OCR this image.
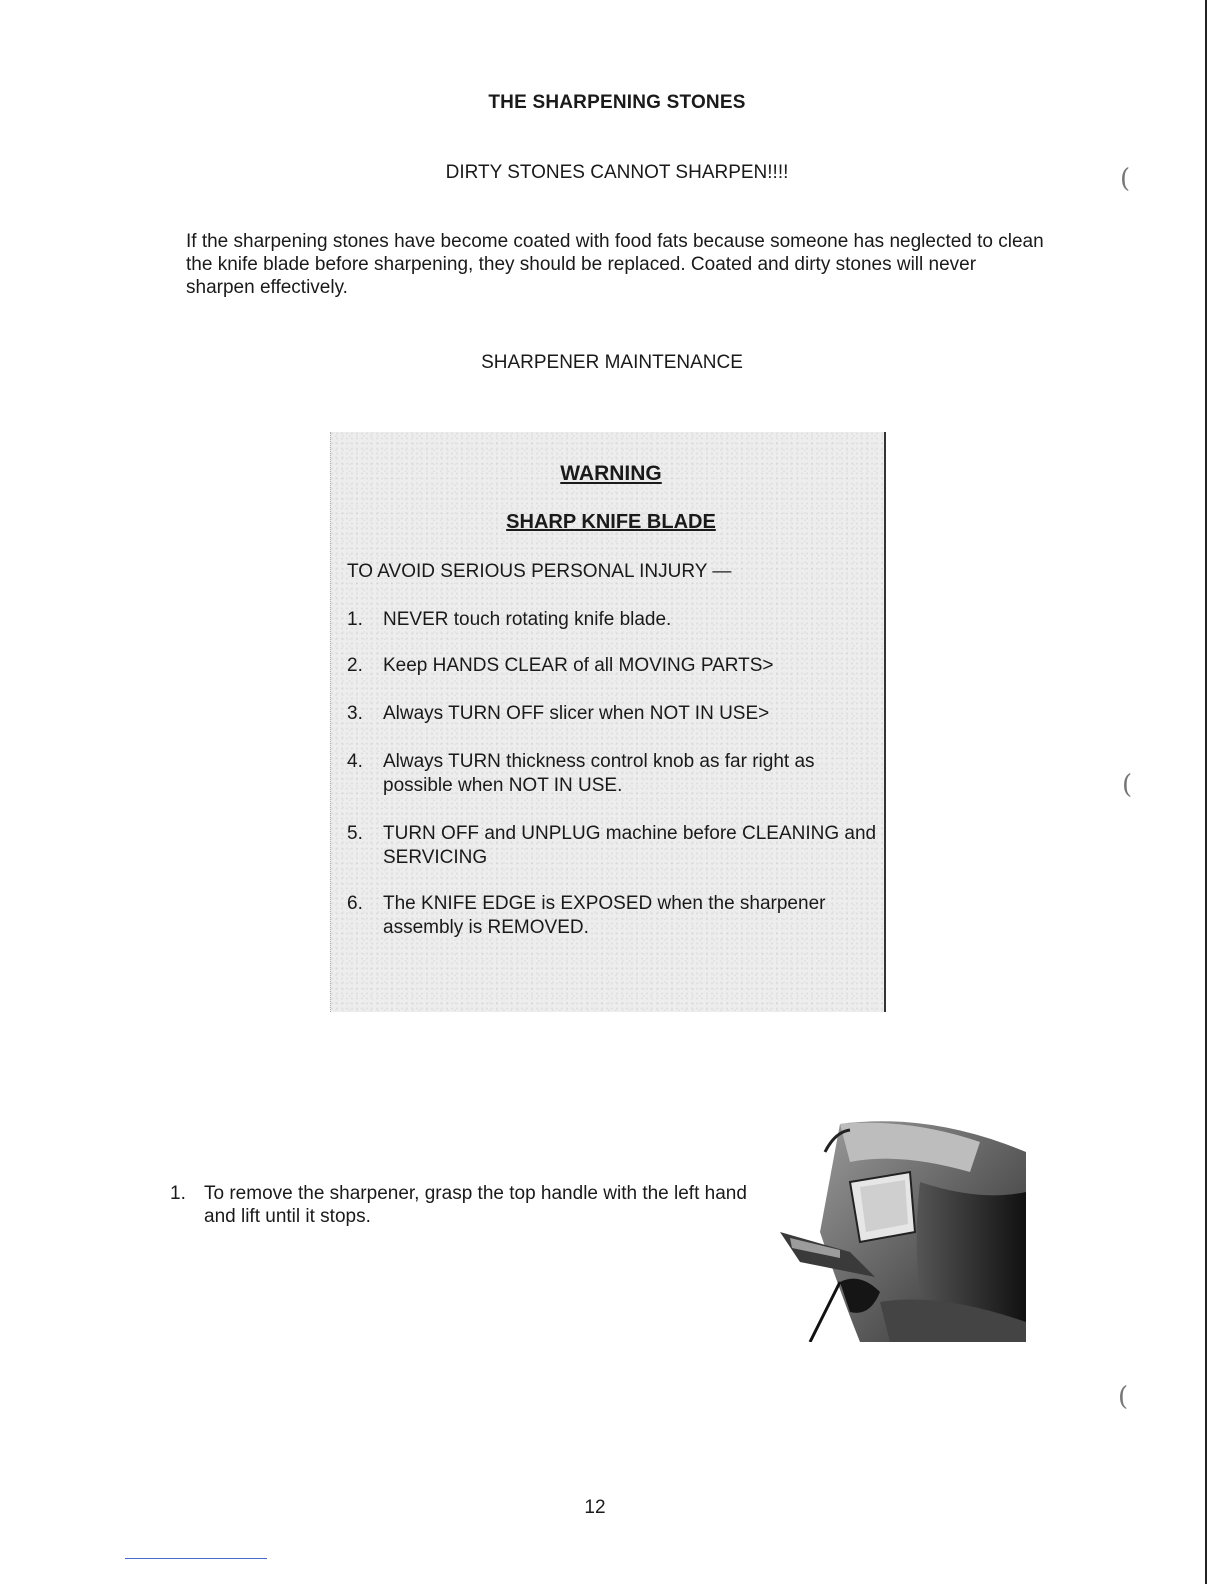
THE SHARPENING STONES
DIRTY STONES CANNOT SHARPEN!!!!
If the sharpening stones have become coated with food fats because someone has neglected to clean the knife blade before sharpening, they should be replaced. Coated and dirty stones will never sharpen effectively.
SHARPENER MAINTENANCE
WARNING
SHARP KNIFE BLADE
TO AVOID SERIOUS PERSONAL INJURY —
1.	NEVER touch rotating knife blade.
2.	Keep HANDS CLEAR of all MOVING PARTS>
3.	Always TURN OFF slicer when NOT IN USE>
4.	Always TURN thickness control knob as far right as possible when NOT IN USE.
5.	TURN OFF and UNPLUG machine before CLEANING and SERVICING
6.	The KNIFE EDGE is EXPOSED when the sharpener assembly is REMOVED.
1. To remove the sharpener, grasp the top handle with the left hand and lift until it stops.
12
(
(
(
